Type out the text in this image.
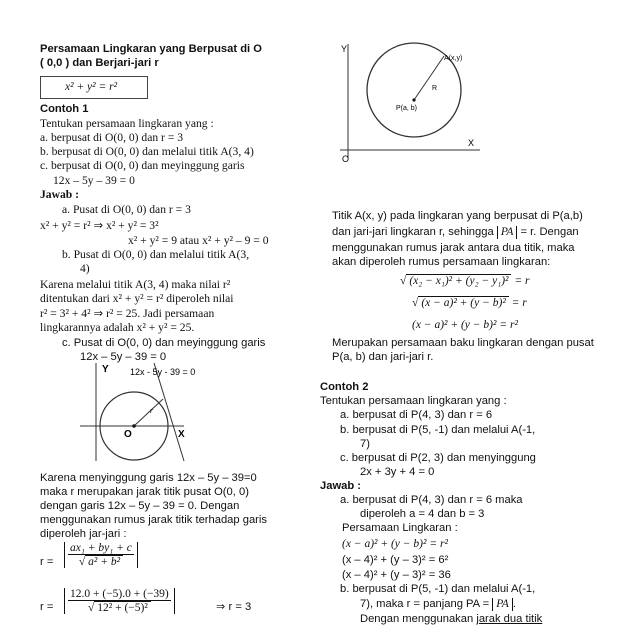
Persamaan Lingkaran yang Berpusat di O
( 0,0 ) dan Berjari-jari r
x² + y² = r²
Contoh 1
Tentukan persamaan lingkaran yang :
a. berpusat di O(0, 0) dan r = 3
b. berpusat di O(0, 0) dan melalui titik A(3, 4)
c. berpusat di O(0, 0) dan meyinggung garis
12x – 5y – 39 = 0
Jawab :
a. Pusat di O(0, 0) dan r = 3
x² + y² = r² ⇒ x² + y² = 3²
x² + y² = 9 atau x² + y² – 9 = 0
b. Pusat di O(0, 0) dan melalui titik A(3,
4)
Karena melalui titik A(3, 4) maka nilai r²
ditentukan dari x² + y² = r² diperoleh nilai
r² = 3² + 4² ⇒ r² = 25. Jadi persamaan
lingkarannya adalah x² + y² = 25.
c. Pusat di O(0, 0) dan meyinggung garis
12x – 5y – 39 = 0
12x - 5y - 39 = 0
Y
X
O
r
Karena menyinggung garis 12x – 5y – 39=0
maka r merupakan jarak titik pusat O(0, 0)
dengan garis 12x – 5y – 39 = 0. Dengan
menggunakan rumus jarak titik terhadap garis
diperoleh jar-jari :
$r = \frac{\text{ax₁ + by₁ + c}}{\text{√ a² + b²}}$
$r = \frac{12.0 + (-5).0 + (-39)}{\text{√ 12² + (−5)²}}$	⇒ r = 3
Y
X
O
A(x,y)
P(a, b)
R
Titik A(x, y) pada lingkaran yang berpusat di P(a,b)
dan jari-jari lingkaran r, sehingga PA = r. Dengan
menggunakan rumus jarak antara dua titik, maka
akan diperoleh rumus persamaan lingkaran:
√ (x₂ − x₁)² + (y₂ − y₁)² = r
√ (x − a)² + (y − b)² = r
(x − a)² + (y − b)² = r²
Merupakan persamaan baku lingkaran dengan pusat
P(a, b) dan jari-jari r.
Contoh 2
Tentukan persamaan lingkaran yang :
a. berpusat di P(4, 3) dan r = 6
b. berpusat di P(5, -1) dan melalui A(-1,
7)
c. berpusat di P(2, 3) dan menyinggung
2x + 3y + 4 = 0
Jawab :
a. berpusat di P(4, 3) dan r = 6 maka
diperoleh a = 4 dan b = 3
Persamaan Lingkaran :
(x − a)² + (y − b)² = r²
(x – 4)² + (y – 3)² = 6²
(x – 4)² + (y – 3)² = 36
b. berpusat di P(5, -1) dan melalui A(-1,
7), maka r = panjang PA = PA .
Dengan menggunakan jarak dua titik
